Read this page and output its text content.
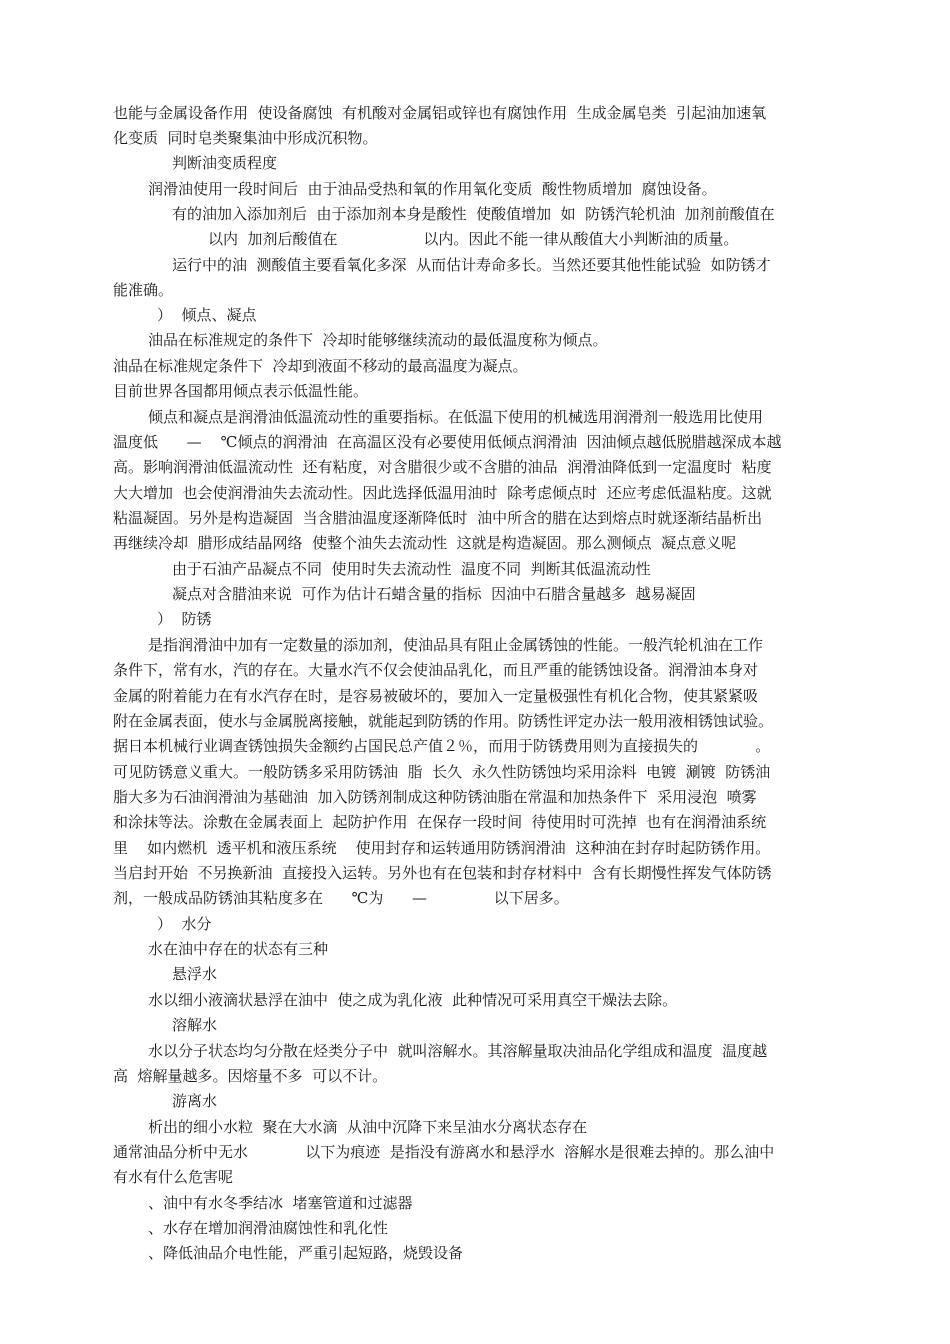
也能与金属设备作用  使设备腐蚀  有机酸对金属铝或锌也有腐蚀作用  生成金属皂类  引起油加速氧
化变质  同时皂类聚集油中形成沉积物。
判断油变质程度
润滑油使用一段时间后  由于油品受热和氧的作用氧化变质  酸性物质增加  腐蚀设备。
有的油加入添加剂后  由于添加剂本身是酸性  使酸值增加  如  防锈汽轮机油  加剂前酸值在
以内  加剂后酸值在                  以内。因此不能一律从酸值大小判断油的质量。
运行中的油  测酸值主要看氧化多深  从而估计寿命多长。当然还要其他性能试验  如防锈才
能准确。
）  倾点、凝点
油品在标准规定的条件下  冷却时能够继续流动的最低温度称为倾点。
油品在标准规定条件下  冷却到液面不移动的最高温度为凝点。
目前世界各国都用倾点表示低温性能。
倾点和凝点是润滑油低温流动性的重要指标。在低温下使用的机械选用润滑剂一般选用比使用
温度低      —    ℃倾点的润滑油  在高温区没有必要使用低倾点润滑油  因油倾点越低脱腊越深成本越
高。影响润滑油低温流动性  还有粘度，对含腊很少或不含腊的油品  润滑油降低到一定温度时  粘度
大大增加  也会使润滑油失去流动性。因此选择低温用油时  除考虑倾点时  还应考虑低温粘度。这就
粘温凝固。另外是构造凝固  当含腊油温度逐渐降低时  油中所含的腊在达到熔点时就逐渐结晶析出
再继续冷却  腊形成结晶网络  使整个油失去流动性  这就是构造凝固。那么测倾点  凝点意义呢
由于石油产品凝点不同  使用时失去流动性  温度不同  判断其低温流动性
凝点对含腊油来说  可作为估计石蜡含量的指标  因油中石腊含量越多  越易凝固
）  防锈
是指润滑油中加有一定数量的添加剂，使油品具有阻止金属锈蚀的性能。一般汽轮机油在工作
条件下，常有水，汽的存在。大量水汽不仅会使油品乳化，而且严重的能锈蚀设备。润滑油本身对
金属的附着能力在有水汽存在时，是容易被破坏的，要加入一定量极强性有机化合物，使其紧紧吸
附在金属表面，使水与金属脱离接触，就能起到防锈的作用。防锈性评定办法一般用液相锈蚀试验。
据日本机械行业调查锈蚀损失金额约占国民总产值２％，而用于防锈费用则为直接损失的            。
可见防锈意义重大。一般防锈多采用防锈油  脂  长久  永久性防锈蚀均采用涂料  电镀  涮镀  防锈油
脂大多为石油润滑油为基础油  加入防锈剂制成这种防锈油脂在常温和加热条件下  采用浸泡  喷雾
和涂抹等法。涂敷在金属表面上  起防护作用  在保存一段时间  待使用时可洗掉  也有在润滑油系统
里    如内燃机  透平机和液压系统    使用封存和运转通用防锈润滑油  这种油在封存时起防锈作用。
当启封开始  不另换新油  直接投入运转。另外也有在包装和封存材料中  含有长期慢性挥发气体防锈
剂，一般成品防锈油其粘度多在      ℃为      —              以下居多。
）  水分
水在油中存在的状态有三种
悬浮水
水以细小液滴状悬浮在油中  使之成为乳化液  此种情况可采用真空干燥法去除。
溶解水
水以分子状态均匀分散在烃类分子中  就叫溶解水。其溶解量取决油品化学组成和温度  温度越
高  熔解量越多。因熔量不多  可以不计。
游离水
析出的细小水粒  聚在大水滴  从油中沉降下来呈油水分离状态存在
通常油品分析中无水            以下为痕迹  是指没有游离水和悬浮水  溶解水是很难去掉的。那么油中
有水有什么危害呢
、油中有水冬季结冰  堵塞管道和过滤器
、水存在增加润滑油腐蚀性和乳化性
、降低油品介电性能，严重引起短路，烧毁设备
